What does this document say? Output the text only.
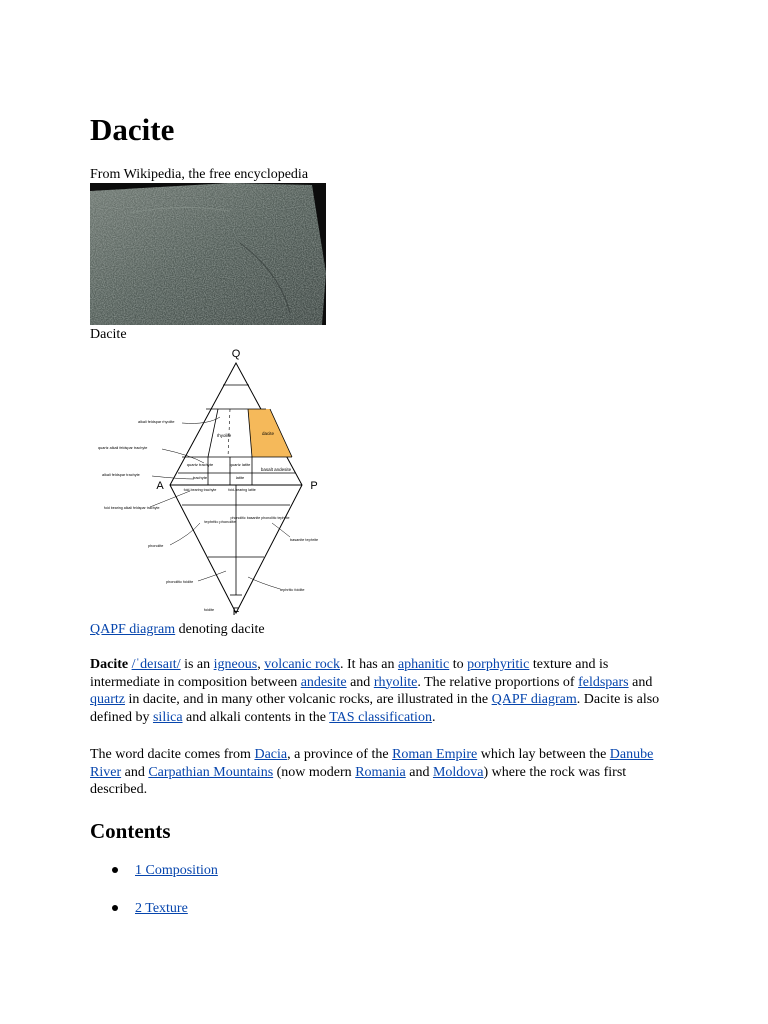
Dacite

From Wikipedia, the free encyclopedia

Dacite

Q
A	P
F
rhyolite	dacite
quartz trachyte	quartz latite
trachyte	latite
foid-bearing trachyte	foid-bearing latite
basalt andesite
tephritic phonolite
phonolitic basanite phonolitic tephrite
alkali feldspar rhyolite
quartz alkali feldspar trachyte
alkali feldspar trachyte
foid bearing alkali feldspar trachyte
phonolite
basanite tephrite
phonolitic foidite
tephritic foidite
foidite

QAPF diagram denoting dacite

Dacite /ˈdeɪsaɪt/ is an igneous, volcanic rock. It has an aphanitic to porphyritic texture and is intermediate in composition between andesite and rhyolite. The relative proportions of feldspars and quartz in dacite, and in many other volcanic rocks, are illustrated in the QAPF diagram. Dacite is also defined by silica and alkali contents in the TAS classification.

The word dacite comes from Dacia, a province of the Roman Empire which lay between the Danube River and Carpathian Mountains (now modern Romania and Moldova) where the rock was first described.

Contents
1 Composition
2 Texture
